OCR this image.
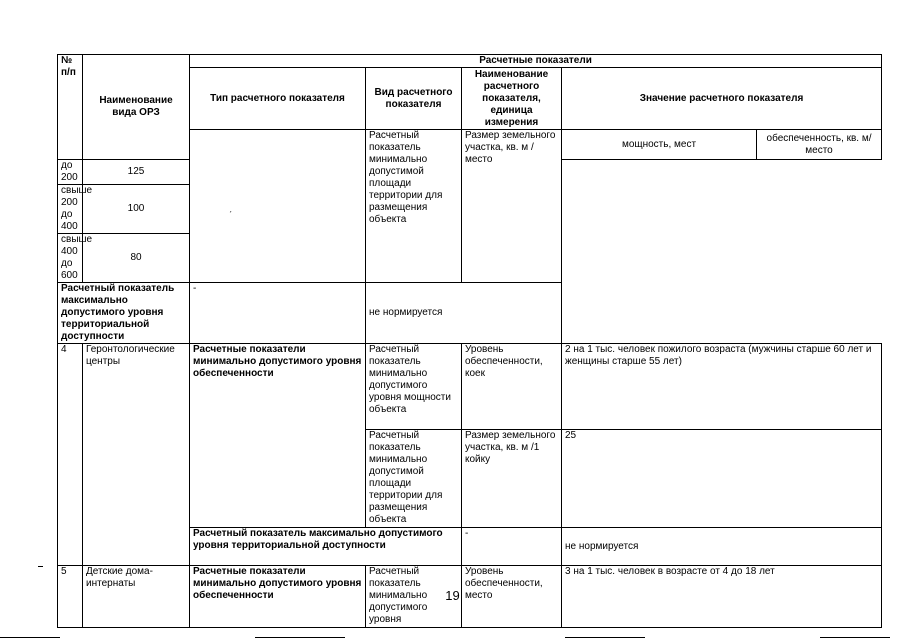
№ п/п	Наименование вида ОРЗ	Расчетные показатели				
		Тип расчетного показателя	Вид расчетного показателя	Наименование расчетного показателя, единица измерения	Значение расчетного показателя	
			Расчетный показатель минимально допустимой площади территории для размещения объекта	Размер земельного участка, кв. м /место	мощность, мест	обеспеченность, кв. м/место
до 200	125					
свыше 200 до 400	100					
свыше 400 до 600	80					
Расчетный показатель максимально допустимого уровня территориальной доступности		-	не нормируется			
4	Геронтологические центры	Расчетные показатели минимально допустимого уровня обеспеченности	Расчетный показатель минимально допустимого уровня мощности объекта	Уровень обеспеченности, коек	2 на 1 тыс. человек пожилого возраста (мужчины старше 60 лет и женщины старше 55 лет)	
			Расчетный показатель минимально допустимой площади территории для размещения объекта	Размер земельного участка, кв. м /1 койку	25	
		Расчетный показатель максимально допустимого уровня территориальной доступности		-	не нормируется	
5	Детские дома-интернаты	Расчетные показатели минимально допустимого уровня обеспеченности	Расчетный показатель минимально допустимого уровня	Уровень обеспеченности, место	3 на 1 тыс. человек в возрасте от 4 до 18 лет	
ˊ
19
